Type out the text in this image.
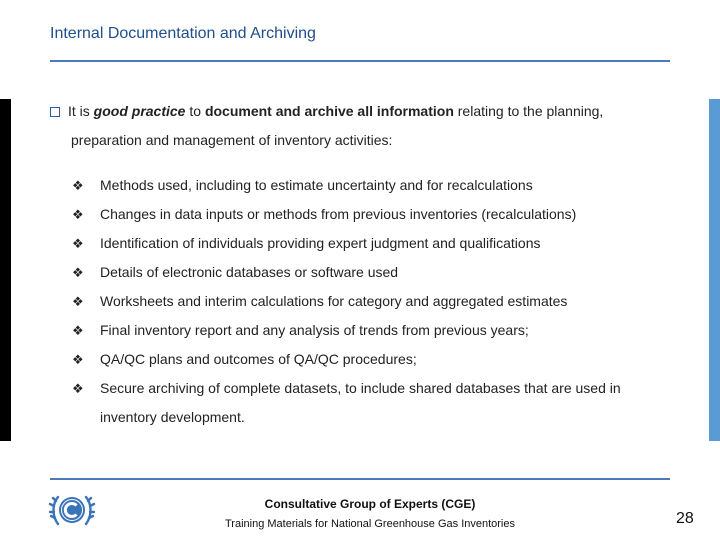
Internal Documentation and Archiving
It is good practice to document and archive all information relating to the planning,
preparation and management of inventory activities:
❖ Methods used, including to estimate uncertainty and for recalculations
❖ Changes in data inputs or methods from previous inventories (recalculations)
❖ Identification of individuals providing expert judgment and qualifications
❖ Details of electronic databases or software used
❖ Worksheets and interim calculations for category and aggregated estimates
❖ Final inventory report and any analysis of trends from previous years;
❖ QA/QC plans and outcomes of QA/QC procedures;
❖ Secure archiving of complete datasets, to include shared databases that are used in inventory development.
Consultative Group of Experts (CGE)
Training Materials for National Greenhouse Gas Inventories	28
